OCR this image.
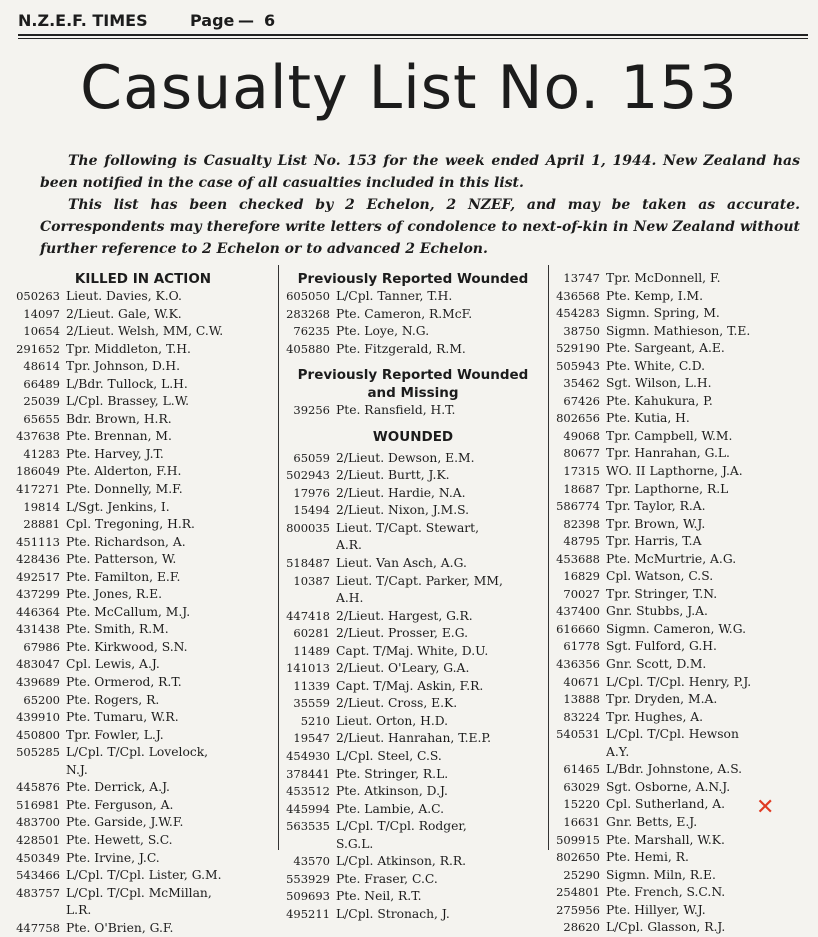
N.Z.E.F. TIMES	Page — 6
Casualty List No. 153

The following is Casualty List No. 153 for the week ended April 1, 1944. New Zealand has been notified in the case of all casualties included in this list.

This list has been checked by 2 Echelon, 2 NZEF, and may be taken as accurate. Correspondents may therefore write letters of condolence to next-of-kin in New Zealand without further reference to 2 Echelon or to advanced 2 Echelon.

KILLED IN ACTION
050263 Lieut. Davies, K.O.
14097 2/Lieut. Gale, W.K.
10654 2/Lieut. Welsh, MM, C.W.
291652 Tpr. Middleton, T.H.
48614 Tpr. Johnson, D.H.
66489 L/Bdr. Tullock, L.H.
25039 L/Cpl. Brassey, L.W.
65655 Bdr. Brown, H.R.
437638 Pte. Brennan, M.
41283 Pte. Harvey, J.T.
186049 Pte. Alderton, F.H.
417271 Pte. Donnelly, M.F.
19814 L/Sgt. Jenkins, I.
28881 Cpl. Tregoning, H.R.
451113 Pte. Richardson, A.
428436 Pte. Patterson, W.
492517 Pte. Familton, E.F.
437299 Pte. Jones, R.E.
446364 Pte. McCallum, M.J.
431438 Pte. Smith, R.M.
67986 Pte. Kirkwood, S.N.
483047 Cpl. Lewis, A.J.
439689 Pte. Ormerod, R.T.
65200 Pte. Rogers, R.
439910 Pte. Tumaru, W.R.
450800 Tpr. Fowler, L.J.
505285 L/Cpl. T/Cpl. Lovelock,
N.J.
445876 Pte. Derrick, A.J.
516981 Pte. Ferguson, A.
483700 Pte. Garside, J.W.F.
428501 Pte. Hewett, S.C.
450349 Pte. Irvine, J.C.
543466 L/Cpl. T/Cpl. Lister, G.M.
483757 L/Cpl. T/Cpl. McMillan,
L.R.
447758 Pte. O'Brien, G.F.
Previously Reported Wounded
605050 L/Cpl. Tanner, T.H.
283268 Pte. Cameron, R.McF.
76235 Pte. Loye, N.G.
405880 Pte. Fitzgerald, R.M.
Previously Reported Wounded
and Missing
39256 Pte. Ransfield, H.T.
WOUNDED
65059 2/Lieut. Dewson, E.M.
502943 2/Lieut. Burtt, J.K.
17976 2/Lieut. Hardie, N.A.
15494 2/Lieut. Nixon, J.M.S.
800035 Lieut. T/Capt. Stewart,
A.R.
518487 Lieut. Van Asch, A.G.
10387 Lieut. T/Capt. Parker, MM,
A.H.
447418 2/Lieut. Hargest, G.R.
60281 2/Lieut. Prosser, E.G.
11489 Capt. T/Maj. White, D.U.
141013 2/Lieut. O'Leary, G.A.
11339 Capt. T/Maj. Askin, F.R.
35559 2/Lieut. Cross, E.K.
5210 Lieut. Orton, H.D.
19547 2/Lieut. Hanrahan, T.E.P.
454930 L/Cpl. Steel, C.S.
378441 Pte. Stringer, R.L.
453512 Pte. Atkinson, D.J.
445994 Pte. Lambie, A.C.
563535 L/Cpl. T/Cpl. Rodger,
S.G.L.
43570 L/Cpl. Atkinson, R.R.
553929 Pte. Fraser, C.C.
509693 Pte. Neil, R.T.
495211 L/Cpl. Stronach, J.
13747 Tpr. McDonnell, F.
436568 Pte. Kemp, I.M.
454283 Sigmn. Spring, M.
38750 Sigmn. Mathieson, T.E.
529190 Pte. Sargeant, A.E.
505943 Pte. White, C.D.
35462 Sgt. Wilson, L.H.
67426 Pte. Kahukura, P.
802656 Pte. Kutia, H.
49068 Tpr. Campbell, W.M.
80677 Tpr. Hanrahan, G.L.
17315 WO. II Lapthorne, J.A.
18687 Tpr. Lapthorne, R.L
586774 Tpr. Taylor, R.A.
82398 Tpr. Brown, W.J.
48795 Tpr. Harris, T.A
453688 Pte. McMurtrie, A.G.
16829 Cpl. Watson, C.S.
70027 Tpr. Stringer, T.N.
437400 Gnr. Stubbs, J.A.
616660 Sigmn. Cameron, W.G.
61778 Sgt. Fulford, G.H.
436356 Gnr. Scott, D.M.
40671 L/Cpl. T/Cpl. Henry, P.J.
13888 Tpr. Dryden, M.A.
83224 Tpr. Hughes, A.
540531 L/Cpl. T/Cpl. Hewson
A.Y.
61465 L/Bdr. Johnstone, A.S.
63029 Sgt. Osborne, A.N.J.
15220 Cpl. Sutherland, A.
16631 Gnr. Betts, E.J.
509915 Pte. Marshall, W.K.
802650 Pte. Hemi, R.
25290 Sigmn. Miln, R.E.
254801 Pte. French, S.C.N.
275956 Pte. Hillyer, W.J.
28620 L/Cpl. Glasson, R.J.
✕
